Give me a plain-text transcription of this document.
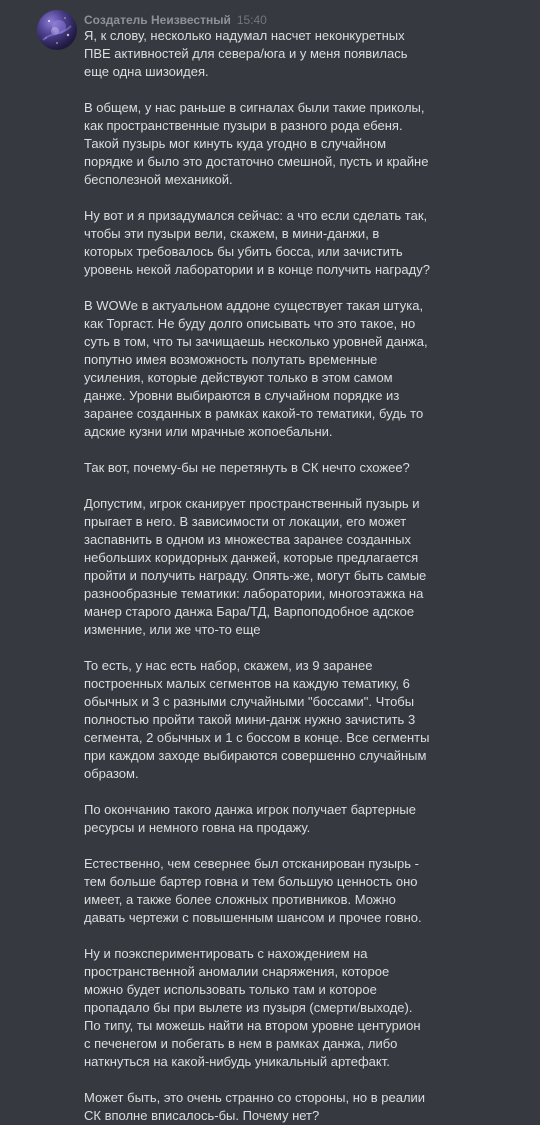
Создатель Неизвестный 15:40

Я, к слову, несколько надумал насчет неконкуретных ПВЕ активностей для севера/юга и у меня появилась еще одна шизоидея.

В общем, у нас раньше в сигналах были такие приколы, как пространственные пузыри в разного рода ебеня. Такой пузырь мог кинуть куда угодно в случайном порядке и было это достаточно смешной, пусть и крайне бесполезной механикой.

Ну вот и я призадумался сейчас: а что если сделать так, чтобы эти пузыри вели, скажем, в мини-данжи, в которых требовалось бы убить босса, или зачистить уровень некой лаборатории и в конце получить награду?

В WOWe в актуальном аддоне существует такая штука, как Торгаст. Не буду долго описывать что это такое, но суть в том, что ты зачищаешь несколько уровней данжа, попутно имея возможность полутать временные усиления, которые действуют только в этом самом данже. Уровни выбираются в случайном порядке из заранее созданных в рамках какой-то тематики, будь то адские кузни или мрачные жопоебальни.

Так вот, почему-бы не перетянуть в СК нечто схожее?

Допустим, игрок сканирует пространственный пузырь и прыгает в него. В зависимости от локации, его может заспавнить в одном из множества заранее созданных небольших коридорных данжей, которые предлагается пройти и получить награду. Опять-же, могут быть самые разнообразные тематики: лаборатории, многоэтажка на манер старого данжа Бара/ТД, Варпоподобное адское изменние, или же что-то еще

То есть, у нас есть набор, скажем, из 9 заранее построенных малых сегментов на каждую тематику, 6 обычных и 3 с разными случайными "боссами". Чтобы полностью пройти такой мини-данж нужно зачистить 3 сегмента, 2 обычных и 1 с боссом в конце. Все сегменты при каждом заходе выбираются совершенно случайным образом.

По окончанию такого данжа игрок получает бартерные ресурсы и немного говна на продажу.

Естественно, чем севернее был отсканирован пузырь - тем больше бартер говна и тем большую ценность оно имеет, а также более сложных противников. Можно давать чертежи с повышенным шансом и прочее говно.

Ну и поэкспериментировать с нахождением на пространственной аномалии снаряжения, которое можно будет использовать только там и которое пропадало бы при вылете из пузыря (смерти/выходе). По типу, ты можешь найти на втором уровне центурион с печенегом и побегать в нем в рамках данжа, либо наткнуться на какой-нибудь уникальный артефакт.

Может быть, это очень странно со стороны, но в реалии СК вполне вписалось-бы. Почему нет?
